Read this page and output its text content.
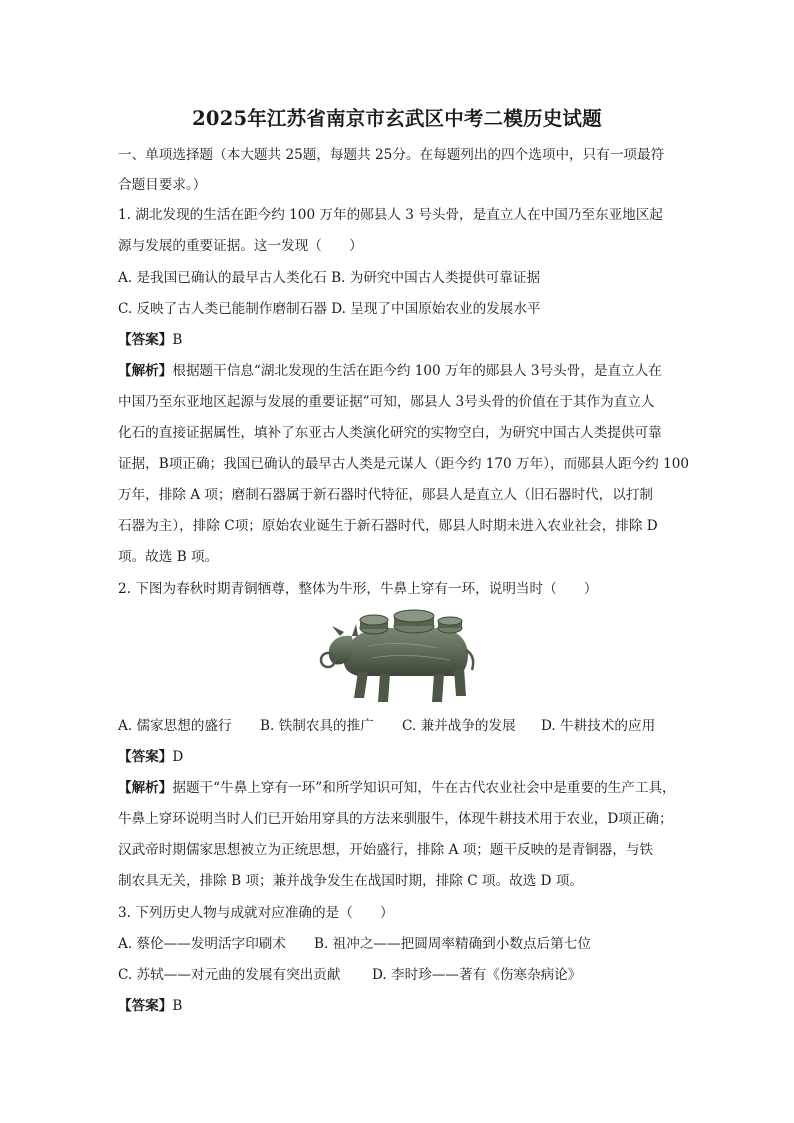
2025年江苏省南京市玄武区中考二模历史试题
一、单项选择题（本大题共 25题，每题共 25分。在每题列出的四个选项中，只有一项最符
合题目要求。）
1. 湖北发现的生活在距今约 100 万年的郧县人 3 号头骨，是直立人在中国乃至东亚地区起
源与发展的重要证据。这一发现（　　）
A. 是我国已确认的最早古人类化石 B. 为研究中国古人类提供可靠证据
C. 反映了古人类已能制作磨制石器 D. 呈现了中国原始农业的发展水平
【答案】B
【解析】根据题干信息“湖北发现的生活在距今约 100 万年的郧县人 3号头骨，是直立人在
中国乃至东亚地区起源与发展的重要证据”可知，郧县人 3号头骨的价值在于其作为直立人
化石的直接证据属性，填补了东亚古人类演化研究的实物空白，为研究中国古人类提供可靠
证据，B项正确；我国已确认的最早古人类是元谋人（距今约 170 万年），而郧县人距今约 100
万年，排除 A 项；磨制石器属于新石器时代特征，郧县人是直立人（旧石器时代，以打制
石器为主），排除 C项；原始农业诞生于新石器时代，郧县人时期未进入农业社会，排除 D
项。故选 B 项。
2. 下图为春秋时期青铜牺尊，整体为牛形，牛鼻上穿有一环，说明当时（　　）
A. 儒家思想的盛行 B. 铁制农具的推广 C. 兼并战争的发展 D. 牛耕技术的应用
【答案】D
【解析】据题干“牛鼻上穿有一环”和所学知识可知，牛在古代农业社会中是重要的生产工具，
牛鼻上穿环说明当时人们已开始用穿具的方法来驯服牛，体现牛耕技术用于农业，D项正确；
汉武帝时期儒家思想被立为正统思想，开始盛行，排除 A 项；题干反映的是青铜器，与铁
制农具无关，排除 B 项；兼并战争发生在战国时期，排除 C 项。故选 D 项。
3. 下列历史人物与成就对应准确的是（　　）
A. 蔡伦——发明活字印刷术 B. 祖冲之——把圆周率精确到小数点后第七位
C. 苏轼——对元曲的发展有突出贡献 D. 李时珍——著有《伤寒杂病论》
【答案】B
